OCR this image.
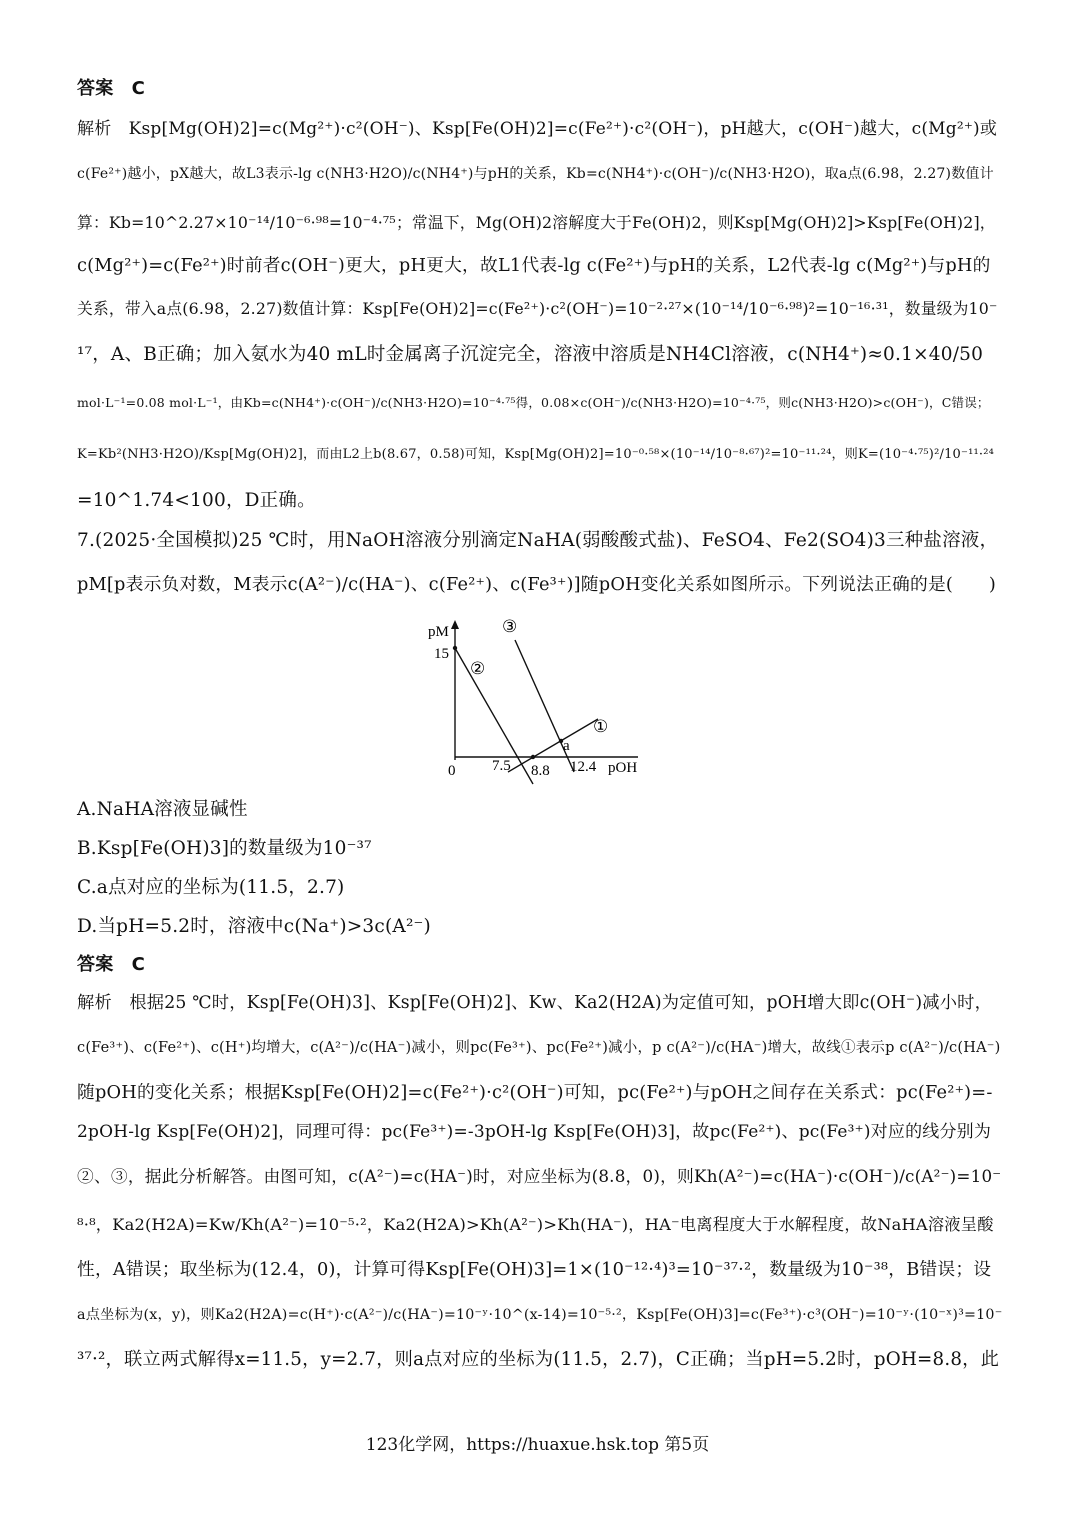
答案　C
解析　Ksp[Mg(OH)2]=c(Mg²⁺)·c²(OH⁻)、Ksp[Fe(OH)2]=c(Fe²⁺)·c²(OH⁻)，pH越大，c(OH⁻)越大，c(Mg²⁺)或
c(Fe²⁺)越小，pX越大，故L3表示-lg c(NH3·H2O)/c(NH4⁺)与pH的关系，Kb=c(NH4⁺)·c(OH⁻)/c(NH3·H2O)，取a点(6.98，2.27)数值计
算：Kb=10^2.27×10⁻¹⁴/10⁻⁶·⁹⁸=10⁻⁴·⁷⁵；常温下，Mg(OH)2溶解度大于Fe(OH)2，则Ksp[Mg(OH)2]>Ksp[Fe(OH)2]，
c(Mg²⁺)=c(Fe²⁺)时前者c(OH⁻)更大，pH更大，故L1代表-lg c(Fe²⁺)与pH的关系，L2代表-lg c(Mg²⁺)与pH的
关系，带入a点(6.98，2.27)数值计算：Ksp[Fe(OH)2]=c(Fe²⁺)·c²(OH⁻)=10⁻²·²⁷×(10⁻¹⁴/10⁻⁶·⁹⁸)²=10⁻¹⁶·³¹，数量级为10⁻
¹⁷，A、B正确；加入氨水为40 mL时金属离子沉淀完全，溶液中溶质是NH4Cl溶液，c(NH4⁺)≈0.1×40/50
mol·L⁻¹=0.08 mol·L⁻¹，由Kb=c(NH4⁺)·c(OH⁻)/c(NH3·H2O)=10⁻⁴·⁷⁵得，0.08×c(OH⁻)/c(NH3·H2O)=10⁻⁴·⁷⁵，则c(NH3·H2O)>c(OH⁻)，C错误；
K=Kb²(NH3·H2O)/Ksp[Mg(OH)2]，而由L2上b(8.67，0.58)可知，Ksp[Mg(OH)2]=10⁻⁰·⁵⁸×(10⁻¹⁴/10⁻⁸·⁶⁷)²=10⁻¹¹·²⁴，则K=(10⁻⁴·⁷⁵)²/10⁻¹¹·²⁴
=10^1.74<100，D正确。
7.(2025·全国模拟)25 ℃时，用NaOH溶液分别滴定NaHA(弱酸酸式盐)、FeSO4、Fe2(SO4)3三种盐溶液，
pM[p表示负对数，M表示c(A²⁻)/c(HA⁻)、c(Fe²⁺)、c(Fe³⁺)]随pOH变化关系如图所示。下列说法正确的是(　　)
pM
15
0 7.5 8.8 12.4 pOH
a
①
②
③
A.NaHA溶液显碱性
B.Ksp[Fe(OH)3]的数量级为10⁻³⁷
C.a点对应的坐标为(11.5，2.7)
D.当pH=5.2时，溶液中c(Na⁺)>3c(A²⁻)
答案　C
解析　根据25 ℃时，Ksp[Fe(OH)3]、Ksp[Fe(OH)2]、Kw、Ka2(H2A)为定值可知，pOH增大即c(OH⁻)减小时，
c(Fe³⁺)、c(Fe²⁺)、c(H⁺)均增大，c(A²⁻)/c(HA⁻)减小，则pc(Fe³⁺)、pc(Fe²⁺)减小，p c(A²⁻)/c(HA⁻)增大，故线①表示p c(A²⁻)/c(HA⁻)
随pOH的变化关系；根据Ksp[Fe(OH)2]=c(Fe²⁺)·c²(OH⁻)可知，pc(Fe²⁺)与pOH之间存在关系式：pc(Fe²⁺)=-
2pOH-lg Ksp[Fe(OH)2]，同理可得：pc(Fe³⁺)=-3pOH-lg Ksp[Fe(OH)3]，故pc(Fe²⁺)、pc(Fe³⁺)对应的线分别为
②、③，据此分析解答。由图可知，c(A²⁻)=c(HA⁻)时，对应坐标为(8.8，0)，则Kh(A²⁻)=c(HA⁻)·c(OH⁻)/c(A²⁻)=10⁻
⁸·⁸，Ka2(H2A)=Kw/Kh(A²⁻)=10⁻⁵·²，Ka2(H2A)>Kh(A²⁻)>Kh(HA⁻)，HA⁻电离程度大于水解程度，故NaHA溶液呈酸
性，A错误；取坐标为(12.4，0)，计算可得Ksp[Fe(OH)3]=1×(10⁻¹²·⁴)³=10⁻³⁷·²，数量级为10⁻³⁸，B错误；设
a点坐标为(x，y)，则Ka2(H2A)=c(H⁺)·c(A²⁻)/c(HA⁻)=10⁻ʸ·10^(x-14)=10⁻⁵·²，Ksp[Fe(OH)3]=c(Fe³⁺)·c³(OH⁻)=10⁻ʸ·(10⁻ˣ)³=10⁻
³⁷·²，联立两式解得x=11.5，y=2.7，则a点对应的坐标为(11.5，2.7)，C正确；当pH=5.2时，pOH=8.8，此
123化学网，https://huaxue.hsk.top 第5页
